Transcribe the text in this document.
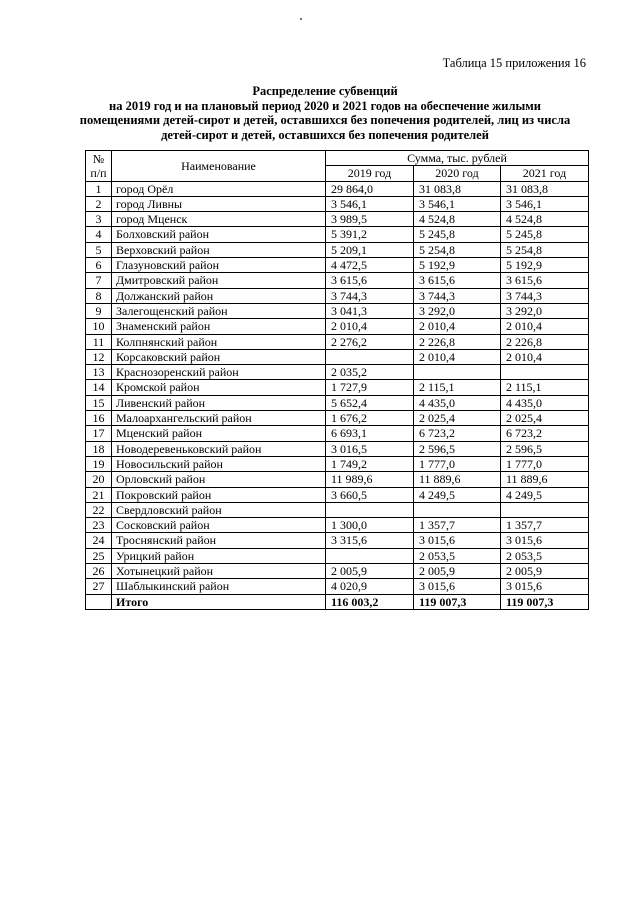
Таблица 15 приложения 16
Распределение субвенций
на 2019 год и на плановый период 2020 и 2021 годов на обеспечение жилыми
помещениями детей-сирот и детей, оставшихся без попечения родителей, лиц из числа
детей-сирот и детей, оставшихся без попечения родителей
№
п/п	Наименование	Сумма, тыс. рублей		
		2019 год	2020 год	2021 год
1	город Орёл	29 864,0	31 083,8	31 083,8
2	город Ливны	3 546,1	3 546,1	3 546,1
3	город Мценск	3 989,5	4 524,8	4 524,8
4	Болховский район	5 391,2	5 245,8	5 245,8
5	Верховский район	5 209,1	5 254,8	5 254,8
6	Глазуновский район	4 472,5	5 192,9	5 192,9
7	Дмитровский район	3 615,6	3 615,6	3 615,6
8	Должанский район	3 744,3	3 744,3	3 744,3
9	Залегощенский район	3 041,3	3 292,0	3 292,0
10	Знаменский район	2 010,4	2 010,4	2 010,4
11	Колпнянский район	2 276,2	2 226,8	2 226,8
12	Корсаковский район		2 010,4	2 010,4
13	Краснозоренский район	2 035,2		
14	Кромской район	1 727,9	2 115,1	2 115,1
15	Ливенский район	5 652,4	4 435,0	4 435,0
16	Малоархангельский район	1 676,2	2 025,4	2 025,4
17	Мценский район	6 693,1	6 723,2	6 723,2
18	Новодеревеньковский район	3 016,5	2 596,5	2 596,5
19	Новосильский район	1 749,2	1 777,0	1 777,0
20	Орловский район	11 989,6	11 889,6	11 889,6
21	Покровский район	3 660,5	4 249,5	4 249,5
22	Свердловский район			
23	Сосковский район	1 300,0	1 357,7	1 357,7
24	Троснянский район	3 315,6	3 015,6	3 015,6
25	Урицкий район		2 053,5	2 053,5
26	Хотынецкий район	2 005,9	2 005,9	2 005,9
27	Шаблыкинский район	4 020,9	3 015,6	3 015,6
	Итого	116 003,2	119 007,3	119 007,3
